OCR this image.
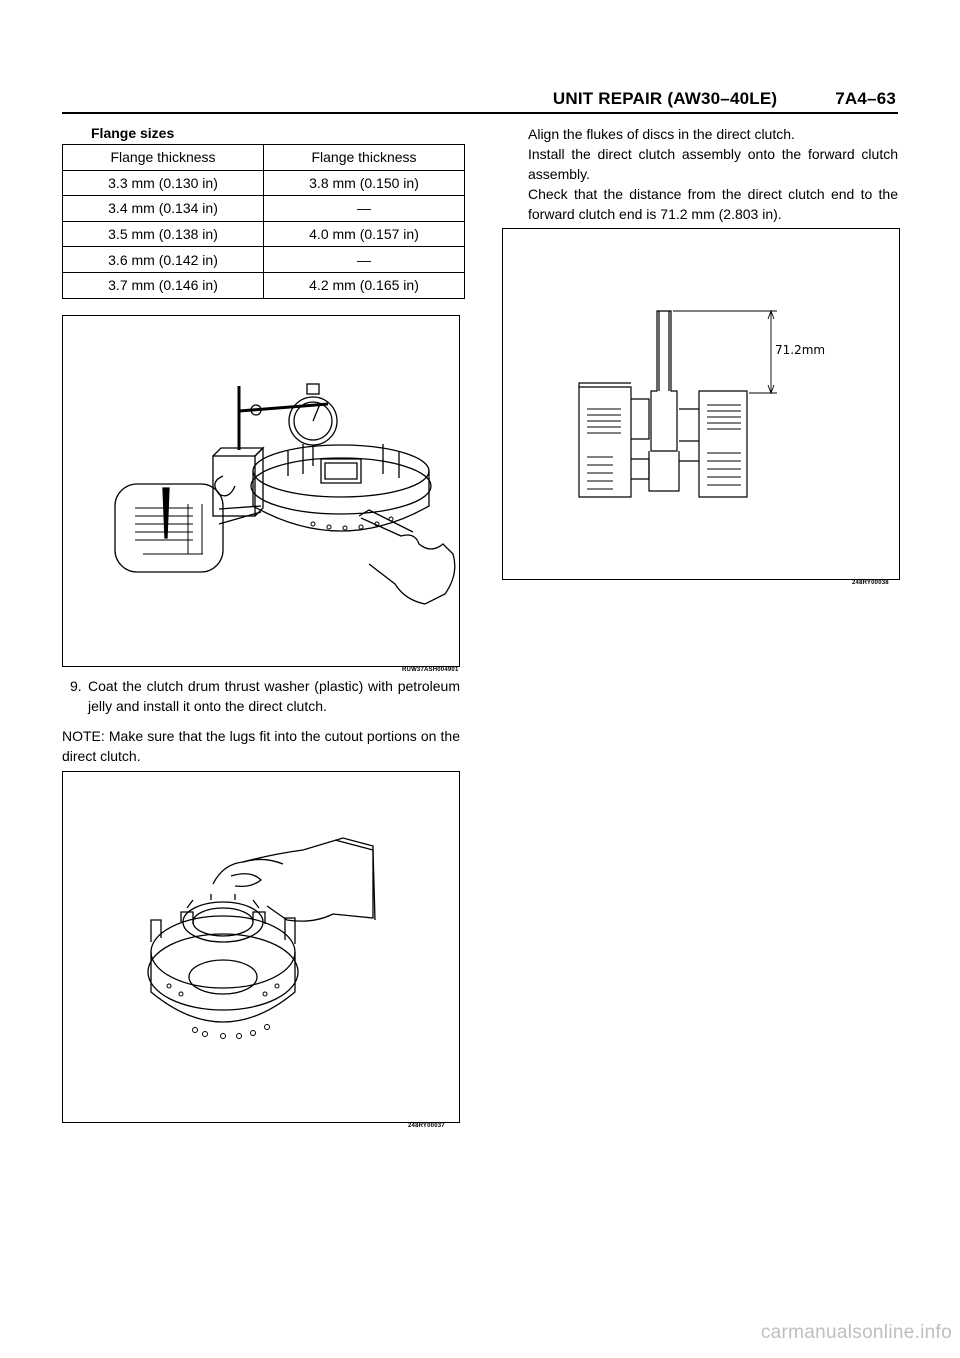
UNIT REPAIR (AW30–40LE)	7A4–63
Flange sizes
Flange thickness	Flange thickness
3.3 mm (0.130 in)	3.8 mm (0.150 in)
3.4 mm (0.134 in)	—
3.5 mm (0.138 in)	4.0 mm (0.157 in)
3.6 mm (0.142 in)	—
3.7 mm (0.146 in)	4.2 mm (0.165 in)
RUW37ASH004901
9. Coat the clutch drum thrust washer (plastic) with petroleum jelly and install it onto the direct clutch.
NOTE: Make sure that the lugs fit into the cutout portions on the direct clutch.
248RY00037

Align the flukes of discs in the direct clutch.

Install the direct clutch assembly onto the forward clutch assembly.

Check that the distance from the direct clutch end to the forward clutch end is 71.2 mm (2.803 in).

71.2mm
248RY00038
carmanualsonline.info
